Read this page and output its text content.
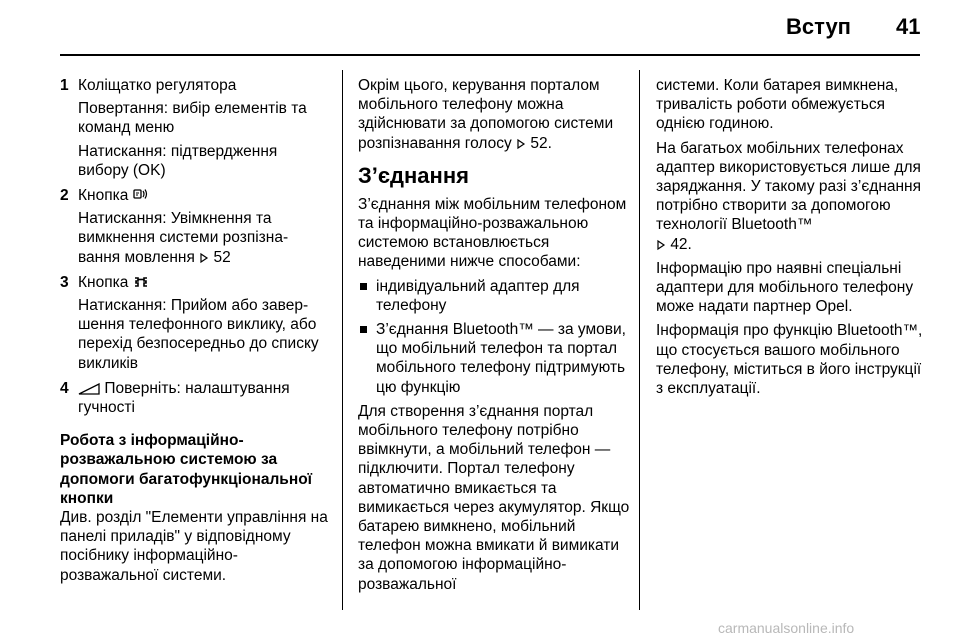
Вступ 41
1 Коліщатко регулятора

Повертання: вибір елементів та команд меню

Натискання: підтвердження вибору (OK)

2 Кнопка

Натискання: Увімкнення та вимкнення системи розпізна-вання мовлення 52

3 Кнопка

Натискання: Прийом або завер-шення телефонного виклику, або перехід безпосередньо до списку викликів

4	Поверніть: налаштування гучності

Робота з інформаційно-розважальною системою за допомоги багатофункціональної кнопки

Див. розділ "Елементи управління на панелі приладів" у відповідному посібнику інформаційно-розважальної системи.

Окрім цього, керування порталом мобільного телефону можна здійснювати за допомогою системи розпізнавання голосу 52.

З’єднання

З’єднання між мобільним телефоном та інформаційно-розважальною системою встановлюється наведеними нижче способами:

індивідуальний адаптер для телефону
З’єднання Bluetooth™ — за умови, що мобільний телефон та портал мобільного телефону підтримують цю функцію

Для створення з’єднання портал мобільного телефону потрібно ввімкнути, а мобільний телефон — підключити. Портал телефону автоматично вмикається та вимикається через акумулятор. Якщо батарею вимкнено, мобільний телефон можна вмикати й вимикати за допомогою інформаційно-розважальної

системи. Коли батарея вимкнена, тривалість роботи обмежується однією годиною.

На багатьох мобільних телефонах адаптер використовується лише для заряджання. У такому разі з’єднання потрібно створити за допомогою технології Bluetooth™
42.

Інформацію про наявні спеціальні адаптери для мобільного телефону може надати партнер Opel.

Інформація про функцію Bluetooth™, що стосується вашого мобільного телефону, міститься в його інструкції з експлуатації.

carmanualsonline.info
